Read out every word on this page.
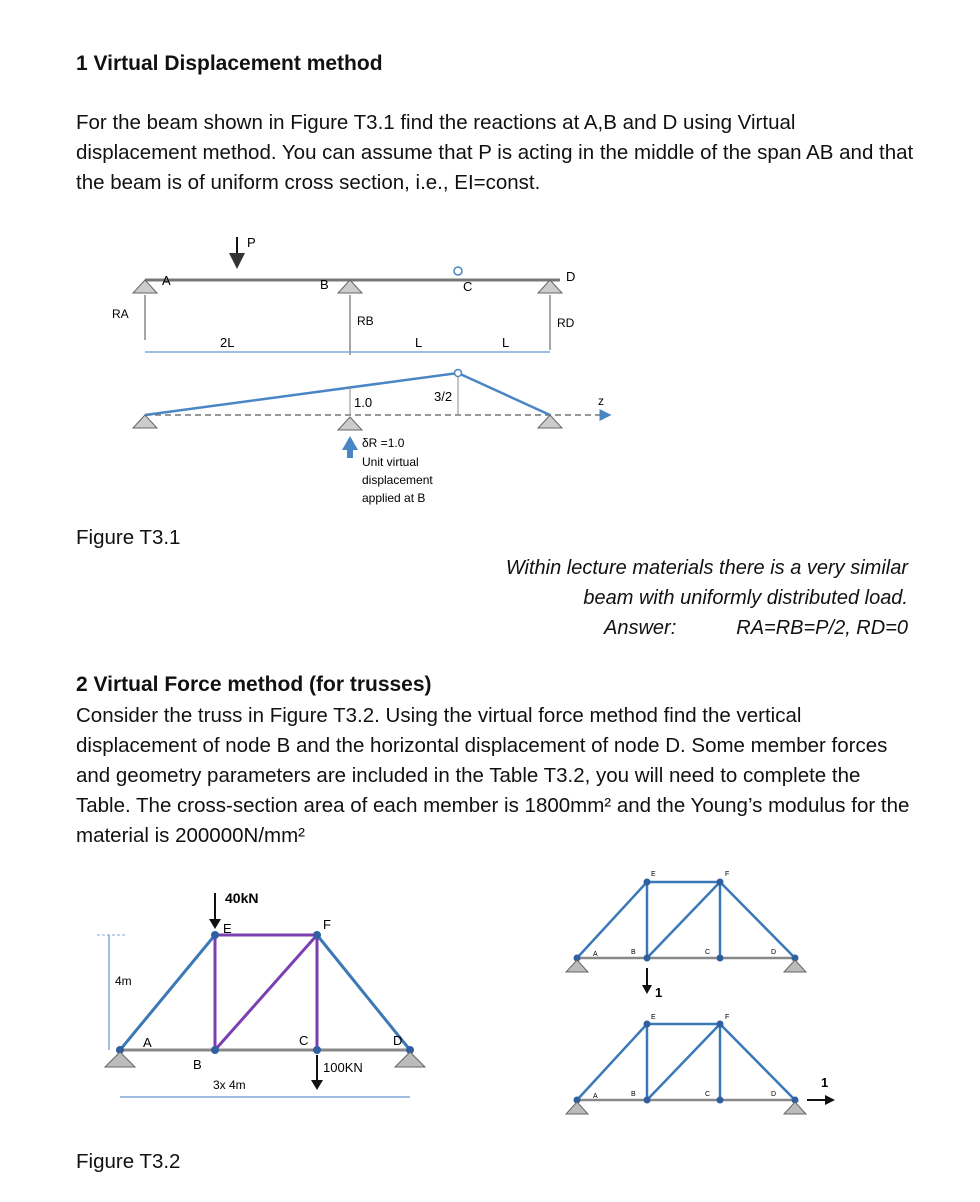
1 Virtual Displacement method
For the beam shown in Figure T3.1 find the reactions at A,B and D using Virtual displacement method. You can assume that P is acting in the middle of the span AB and that the beam is of uniform cross section, i.e., EI=const.
P
A	B	C
D
RA	RB	RD
2L	L	L
z
1.0	3/2
δR =1.0
Unit virtual
displacement
applied at B
Figure T3.1
Within lecture materials there is a very similar
beam with uniformly distributed load.
Answer:	RA=RB=P/2, RD=0
2 Virtual Force method (for trusses)
Consider the truss in Figure T3.2. Using the virtual force method find the vertical displacement of node B and the horizontal displacement of node D. Some member forces and geometry parameters are included in the Table T3.2, you will need to complete the Table. The cross-section area of each member is 1800mm² and the Young’s modulus for the material is 200000N/mm²
40kN
100KN
E	F
A
B
C	D
4m
3x 4m
E	F
A	B	C	D
1
E	F
A	B	C	D
1
Figure T3.2
